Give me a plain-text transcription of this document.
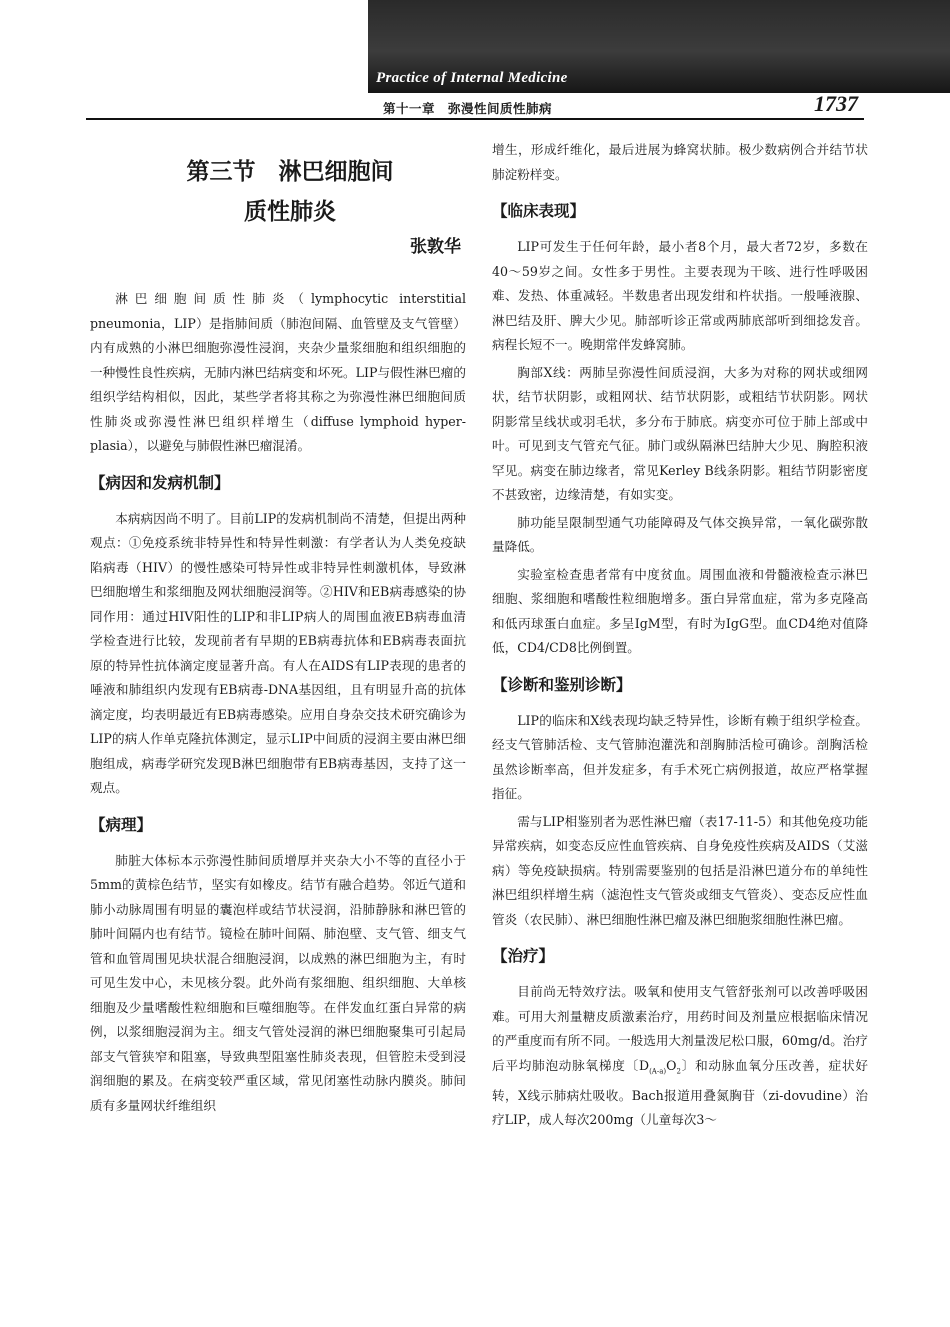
Practice of Internal Medicine
第十一章　弥漫性间质性肺病	1737
第三节　淋巴细胞间
质性肺炎
张敦华

淋巴细胞间质性肺炎（lymphocytic interstitial pneumonia，LIP）是指肺间质（肺泡间隔、血管壁及支气管壁）内有成熟的小淋巴细胞弥漫性浸润，夹杂少量浆细胞和组织细胞的一种慢性良性疾病，无肺内淋巴结病变和坏死。LIP与假性淋巴瘤的组织学结构相似，因此，某些学者将其称之为弥漫性淋巴细胞间质性肺炎或弥漫性淋巴组织样增生（diffuse lymphoid hyper-plasia），以避免与肺假性淋巴瘤混淆。

【病因和发病机制】

本病病因尚不明了。目前LIP的发病机制尚不清楚，但提出两种观点：①免疫系统非特异性和特异性刺激：有学者认为人类免疫缺陷病毒（HIV）的慢性感染可特异性或非特异性刺激机体，导致淋巴细胞增生和浆细胞及网状细胞浸润等。②HIV和EB病毒感染的协同作用：通过HIV阳性的LIP和非LIP病人的周围血液EB病毒血清学检查进行比较，发现前者有早期的EB病毒抗体和EB病毒表面抗原的特异性抗体滴定度显著升高。有人在AIDS有LIP表现的患者的唾液和肺组织内发现有EB病毒-DNA基因组，且有明显升高的抗体滴定度，均表明最近有EB病毒感染。应用自身杂交技术研究确诊为LIP的病人作单克隆抗体测定，显示LIP中间质的浸润主要由淋巴细胞组成，病毒学研究发现B淋巴细胞带有EB病毒基因，支持了这一观点。

【病理】

肺脏大体标本示弥漫性肺间质增厚并夹杂大小不等的直径小于5mm的黄棕色结节，坚实有如橡皮。结节有融合趋势。邻近气道和肺小动脉周围有明显的囊泡样或结节状浸润，沿肺静脉和淋巴管的肺叶间隔内也有结节。镜检在肺叶间隔、肺泡壁、支气管、细支气管和血管周围见块状混合细胞浸润，以成熟的淋巴细胞为主，有时可见生发中心，未见核分裂。此外尚有浆细胞、组织细胞、大单核细胞及少量嗜酸性粒细胞和巨噬细胞等。在伴发血红蛋白异常的病例，以浆细胞浸润为主。细支气管处浸润的淋巴细胞聚集可引起局部支气管狭窄和阻塞，导致典型阻塞性肺炎表现，但管腔未受到浸润细胞的累及。在病变较严重区域，常见闭塞性动脉内膜炎。肺间质有多量网状纤维组织

增生，形成纤维化，最后进展为蜂窝状肺。极少数病例合并结节状肺淀粉样变。

【临床表现】

LIP可发生于任何年龄，最小者8个月，最大者72岁，多数在40～59岁之间。女性多于男性。主要表现为干咳、进行性呼吸困难、发热、体重减轻。半数患者出现发绀和杵状指。一般唾液腺、淋巴结及肝、脾大少见。肺部听诊正常或两肺底部听到细捻发音。病程长短不一。晚期常伴发蜂窝肺。

胸部X线：两肺呈弥漫性间质浸润，大多为对称的网状或细网状，结节状阴影，或粗网状、结节状阴影，或粗结节状阴影。网状阴影常呈线状或羽毛状，多分布于肺底。病变亦可位于肺上部或中叶。可见到支气管充气征。肺门或纵隔淋巴结肿大少见、胸腔积液罕见。病变在肺边缘者，常见Kerley B线条阴影。粗结节阴影密度不甚致密，边缘清楚，有如实变。

肺功能呈限制型通气功能障碍及气体交换异常，一氧化碳弥散量降低。

实验室检查患者常有中度贫血。周围血液和骨髓液检查示淋巴细胞、浆细胞和嗜酸性粒细胞增多。蛋白异常血症，常为多克隆高和低丙球蛋白血症。多呈IgM型，有时为IgG型。血CD4绝对值降低，CD4/CD8比例倒置。

【诊断和鉴别诊断】

LIP的临床和X线表现均缺乏特异性，诊断有赖于组织学检查。经支气管肺活检、支气管肺泡灌洗和剖胸肺活检可确诊。剖胸活检虽然诊断率高，但并发症多，有手术死亡病例报道，故应严格掌握指征。

需与LIP相鉴别者为恶性淋巴瘤（表17-11-5）和其他免疫功能异常疾病，如变态反应性血管疾病、自身免疫性疾病及AIDS（艾滋病）等免疫缺损病。特别需要鉴别的包括是沿淋巴道分布的单纯性淋巴组织样增生病（滤泡性支气管炎或细支气管炎）、变态反应性血管炎（农民肺）、淋巴细胞性淋巴瘤及淋巴细胞浆细胞性淋巴瘤。

【治疗】

目前尚无特效疗法。吸氧和使用支气管舒张剂可以改善呼吸困难。可用大剂量糖皮质激素治疗，用药时间及剂量应根据临床情况的严重度而有所不同。一般选用大剂量泼尼松口服，60mg/d。治疗后平均肺泡动脉氧梯度〔$D_{(A-a)}O_2$〕和动脉血氧分压改善，症状好转，X线示肺病灶吸收。Bach报道用叠氮胸苷（zi-dovudine）治疗LIP，成人每次200mg（儿童每次3～
